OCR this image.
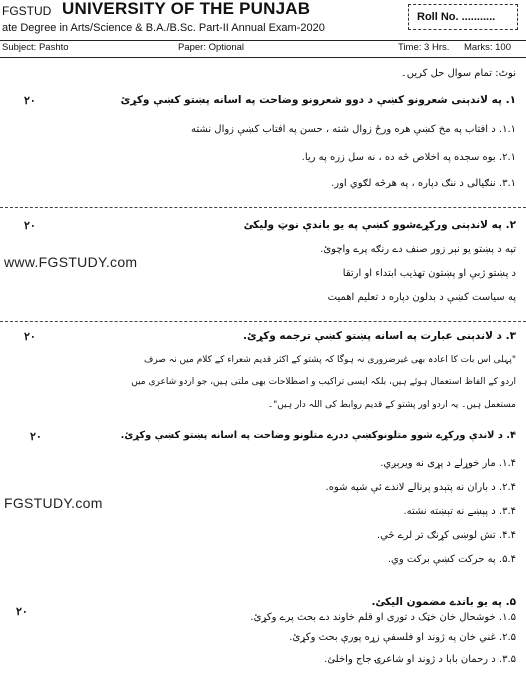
FGSTUD UNIVERSITY OF THE PUNJAB
ate Degree in Arts/Science & B.A./B.Sc. Part-II Annual Exam-2020
Roll No. ...........
Subject: Pashto	Paper: Optional	Time: 3 Hrs. Marks: 100
نوٹ: تمام سوال حل کریں۔
۲۰	۱. په لاندېنی شعرونو کښې د دوو شعرونو وضاحت په اسانه پښتو کښې وکړئ
۱.۱. د افتاب په مخ کښې هره ورځ زوال شته ، حسن په افتاب کښې زوال نشته
۲.۱. بوه سجده په اخلاص څه ده ، نه سل زره په ریا.
۳.۱. ننګیالی د ننګ دپاره ، په هرڅه لګوي اور.
۲۰	۲. په لاندېنی ورکړےشوو کښې په یو باندې نوټ ولیکئ
تپه د پښتو یو نېر زور صنف دے رنګه پرے واچوئ.
www.FGSTUDY.com
د پښتو ژبې او پښتون تهذیب ابتداء او ارتقا
په سیاست کښې د بدلون دپاره د تعلیم اهمیت
۲۰	۳. د لاندېنی عبارت په اسانه پښتو کښې ترجمه وکړئ.
"پہلی اس بات کا اعادہ بھی غیرضروری نہ ہوگا کہ پشتو کے اکثر قدیم شعراء کے کلام میں نہ صرف
اردو کے الفاظ استعمال ہوئے ہیں، بلکہ ایسی تراکیب و اصطلاحات بھی ملتی ہیں، جو اردو شاعری میں
مستعمل ہیں۔ یہ اردو اور پشتو کے قدیم روابط کی اللہ دار ہیں"۔
۲۰	۴. د لاندې ورکړے شوو متلونوکښې ددرے متلونو وضاحت په اسانه پښتو کښې وکړئ.
۱.۴. مار خوړلے د پړی نه ویرېږي.
۲.۴. د باران نه پتېدو پرنالے لاندے ئې شپه شوه.
FGSTUDY.com
۳.۴. د پېښے نه تېښته نشته.
۴.۴. تش لوښی کړنګ تر لرے څي.
۵.۴. په حرکت کښې برکت وي.
۵. په یو باندے مضمون الیکئ.
۲۰	۱.۵. خوشحال خان خټک د توری او قلم خاوند دے بحث پرے وکړئ.
۲.۵. غني خان په ژوند او فلسفې زړه پورې بحث وکړئ.
۳.۵. د رحمان بابا د ژوند او شاعرۍ جاج واخلئ.
